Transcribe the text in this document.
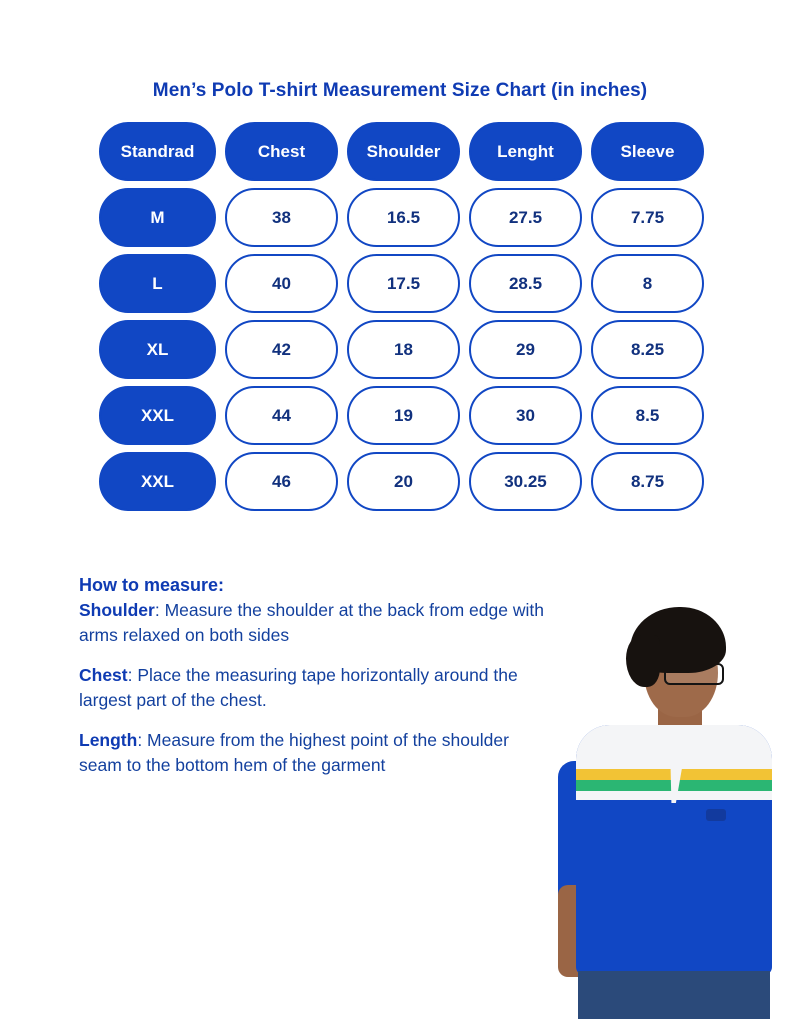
Men’s Polo T-shirt Measurement Size Chart (in inches)
Standrad	Chest	Shoulder	Lenght	Sleeve
M	38	16.5	27.5	7.75
L	40	17.5	28.5	8
XL	42	18	29	8.25
XXL	44	19	30	8.5
XXL	46	20	30.25	8.75
How to measure:
Shoulder: Measure the shoulder at the back from edge with arms relaxed on both sides
Chest: Place the measuring tape horizontally around the largest part of the chest.
Length: Measure from the highest point of the shoulder seam to the bottom hem of the garment
